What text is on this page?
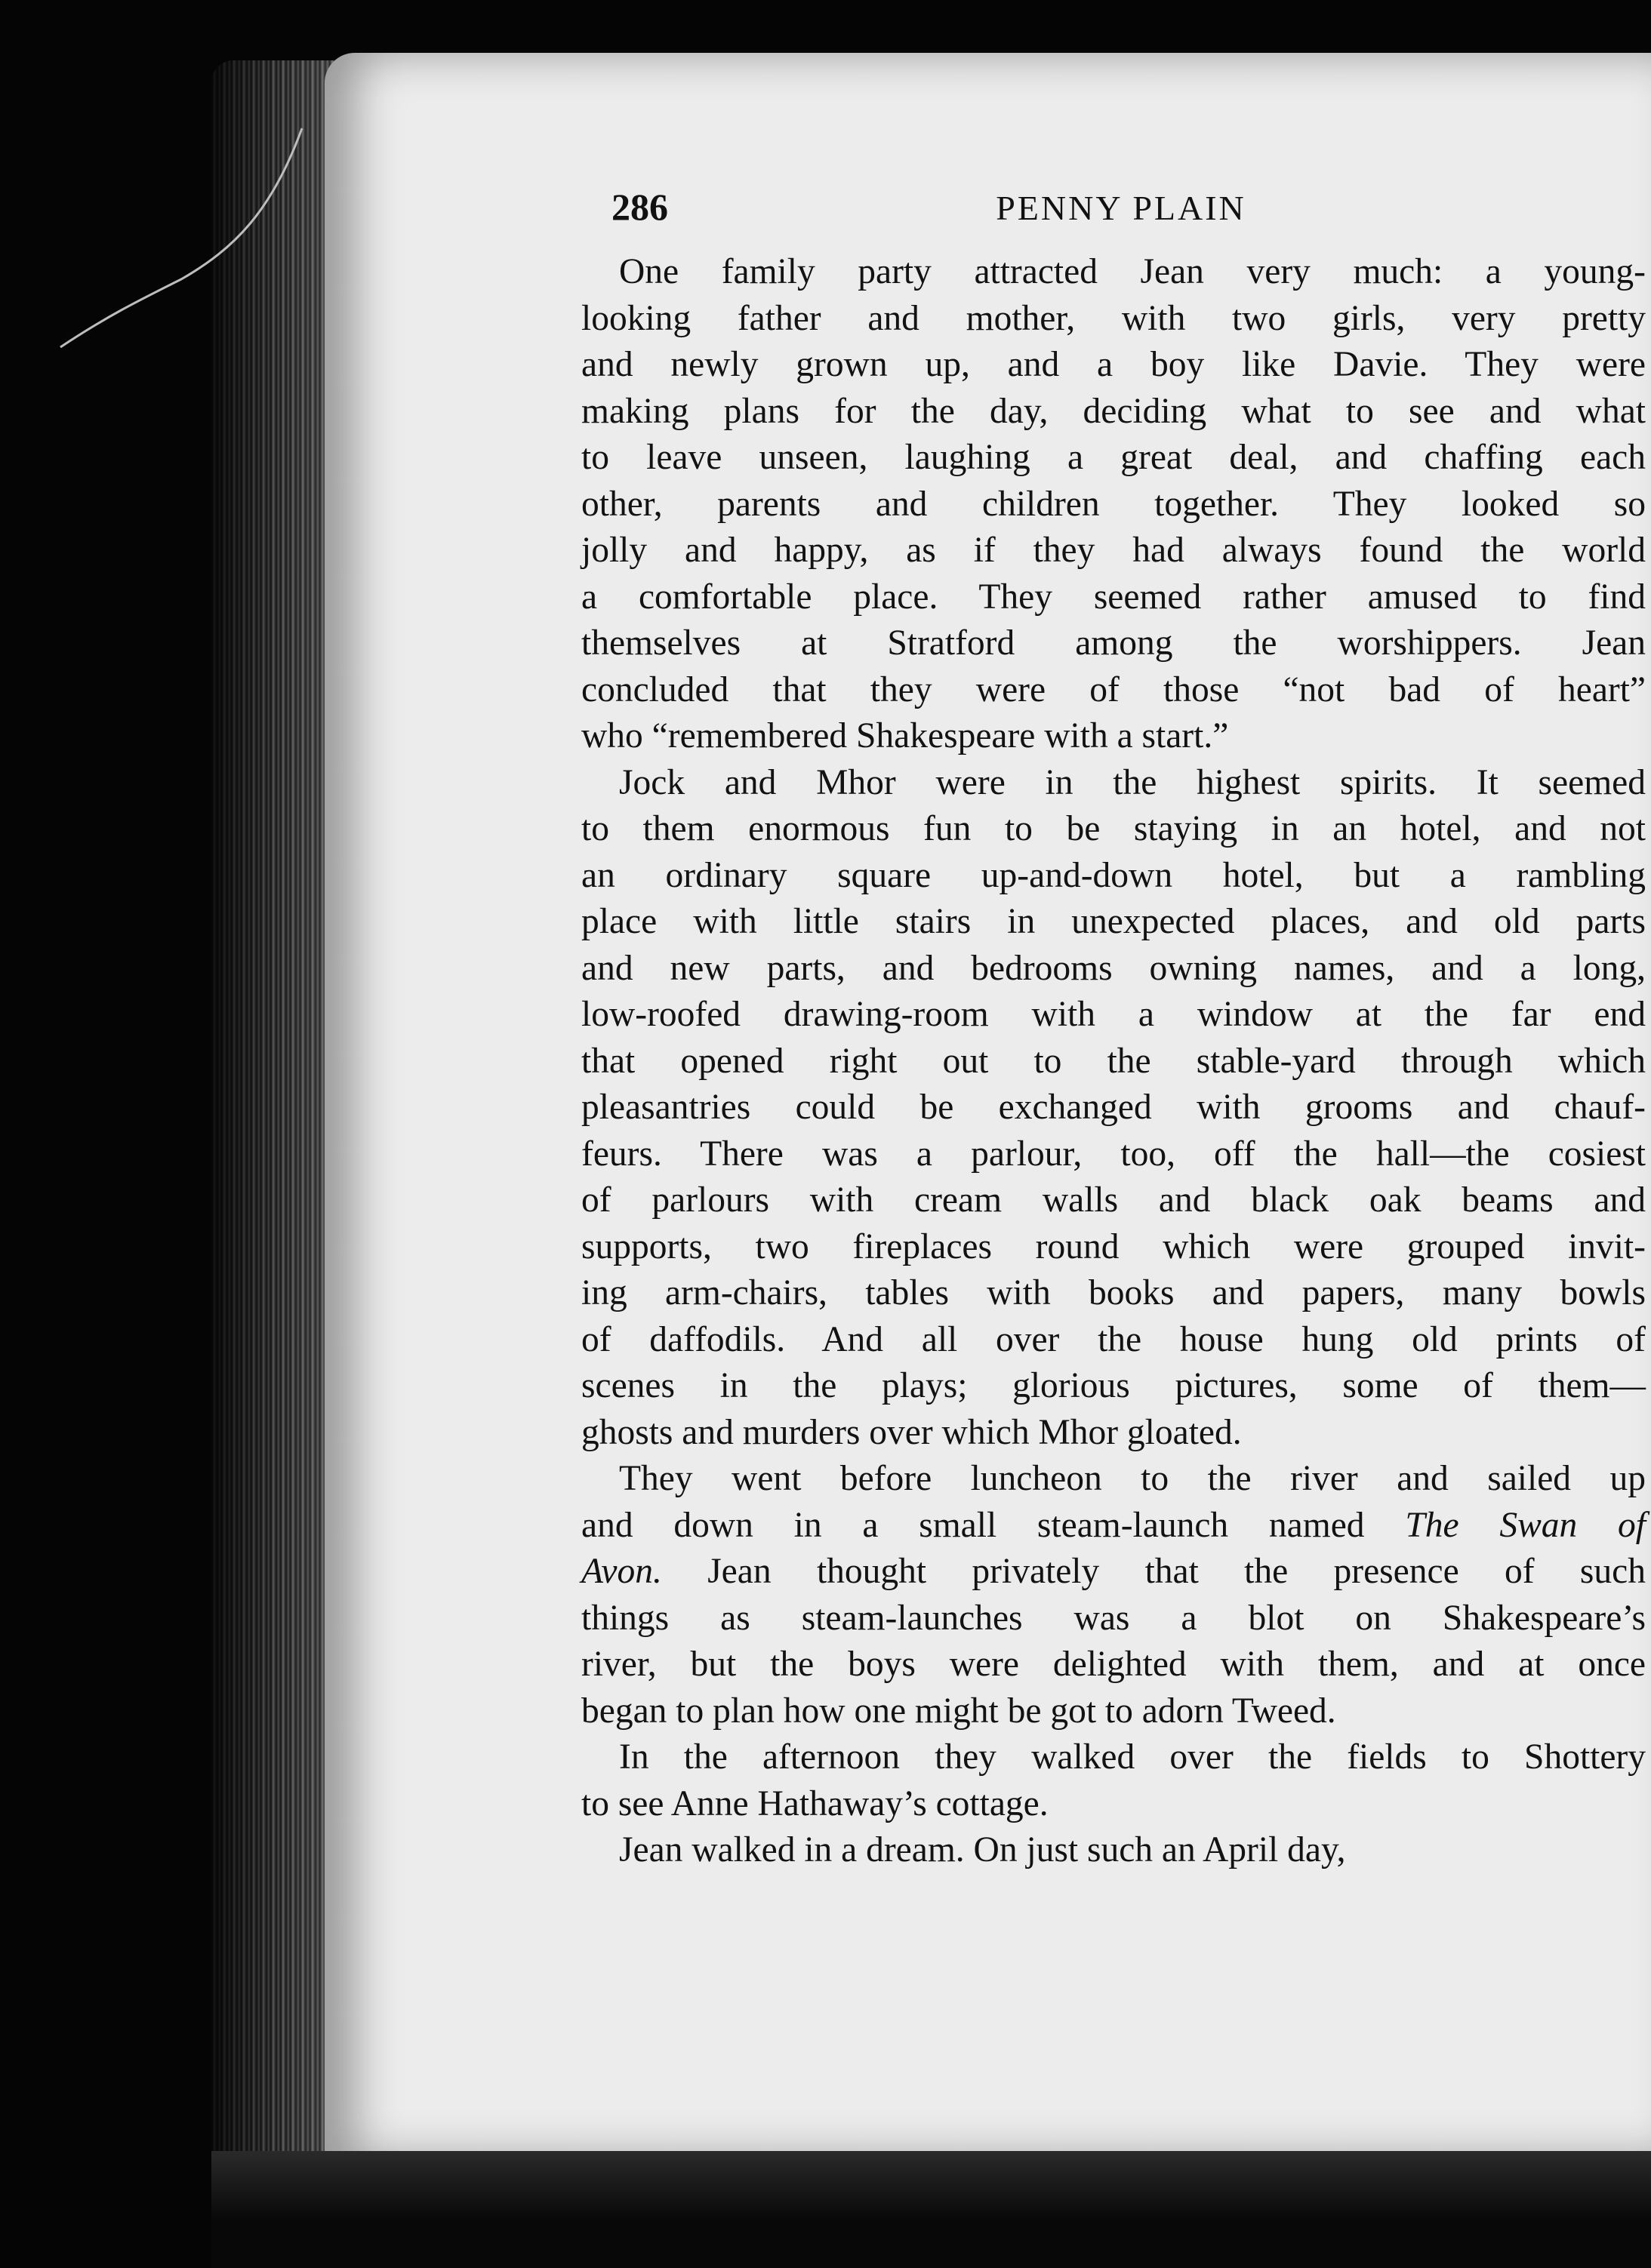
286	PENNY PLAIN
One family party attracted Jean very much: a young-
looking father and mother, with two girls, very pretty
and newly grown up, and a boy like Davie. They were
making plans for the day, deciding what to see and what
to leave unseen, laughing a great deal, and chaffing each
other, parents and children together. They looked so
jolly and happy, as if they had always found the world
a comfortable place. They seemed rather amused to find
themselves at Stratford among the worshippers. Jean
concluded that they were of those “not bad of heart”
who “remembered Shakespeare with a start.”
Jock and Mhor were in the highest spirits. It seemed
to them enormous fun to be staying in an hotel, and not
an ordinary square up-and-down hotel, but a rambling
place with little stairs in unexpected places, and old parts
and new parts, and bedrooms owning names, and a long,
low-roofed drawing-room with a window at the far end
that opened right out to the stable-yard through which
pleasantries could be exchanged with grooms and chauf-
feurs. There was a parlour, too, off the hall—the cosiest
of parlours with cream walls and black oak beams and
supports, two fireplaces round which were grouped invit-
ing arm-chairs, tables with books and papers, many bowls
of daffodils. And all over the house hung old prints of
scenes in the plays; glorious pictures, some of them—
ghosts and murders over which Mhor gloated.
They went before luncheon to the river and sailed up
and down in a small steam-launch named The Swan of
Avon. Jean thought privately that the presence of such
things as steam-launches was a blot on Shakespeare’s
river, but the boys were delighted with them, and at once
began to plan how one might be got to adorn Tweed.
In the afternoon they walked over the fields to Shottery
to see Anne Hathaway’s cottage.
Jean walked in a dream. On just such an April day,
